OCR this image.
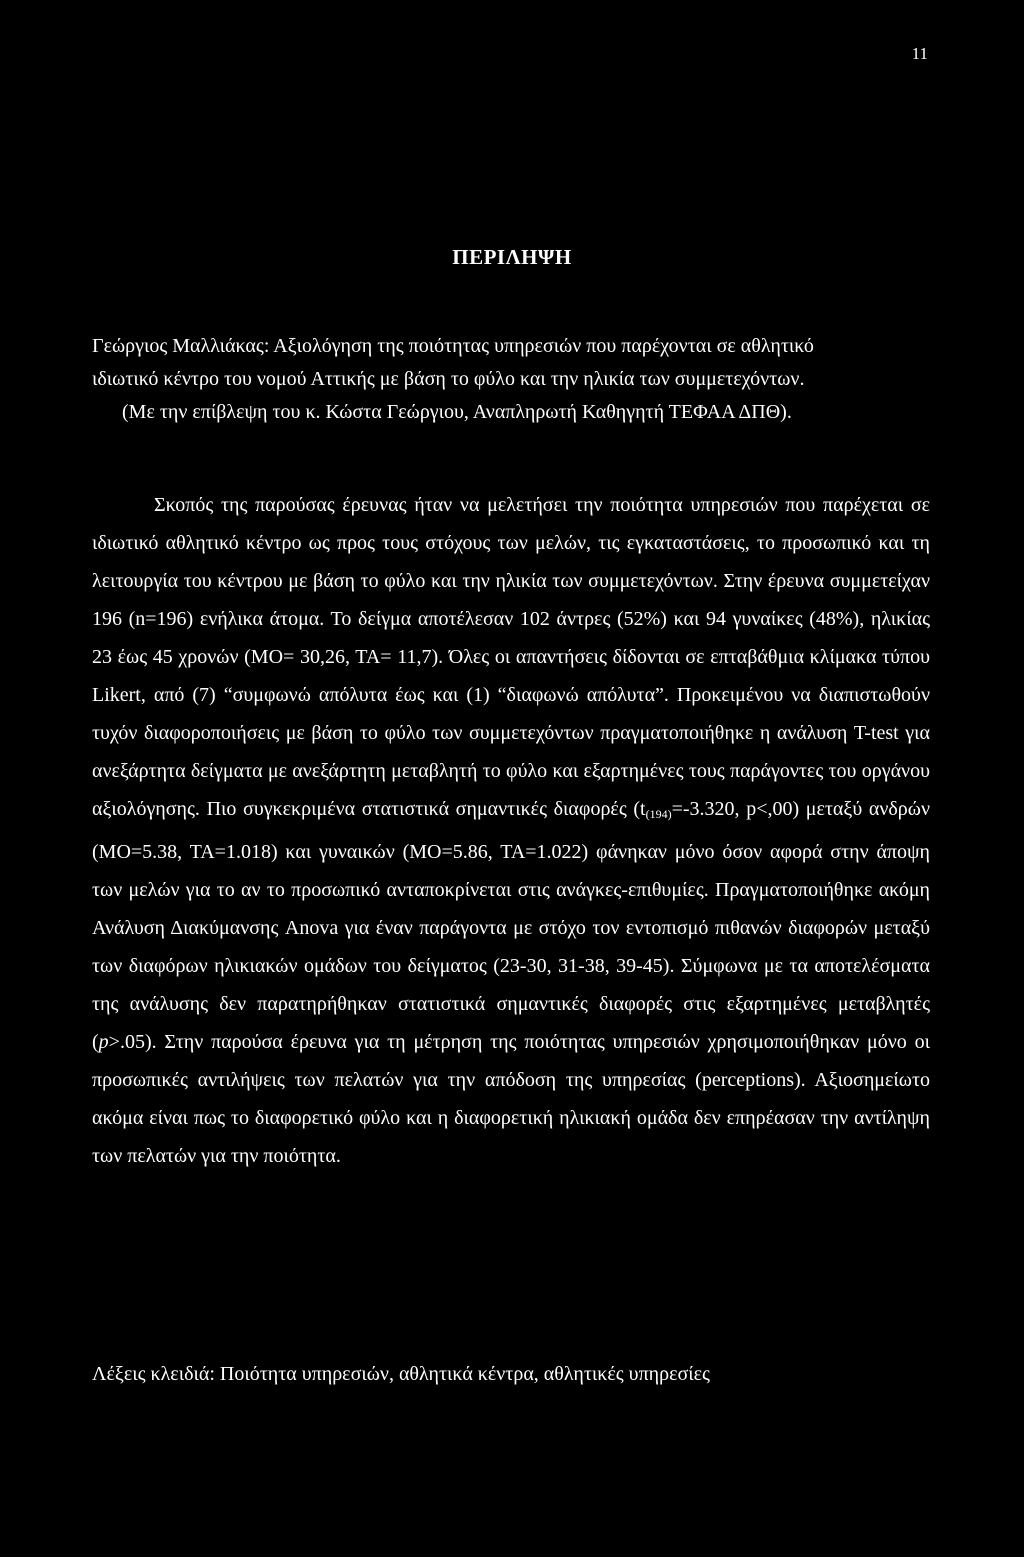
11
ΠΕΡΙΛΗΨΗ
Γεώργιος Μαλλιάκας: Αξιολόγηση της ποιότητας υπηρεσιών που παρέχονται σε αθλητικό
ιδιωτικό κέντρο του νομού Αττικής με βάση το φύλο και την ηλικία των συμμετεχόντων.
(Με την επίβλεψη του κ. Κώστα Γεώργιου, Αναπληρωτή Καθηγητή ΤΕΦΑΑ ΔΠΘ).

Σκοπός της παρούσας έρευνας ήταν να μελετήσει την ποιότητα υπηρεσιών που παρέχεται σε ιδιωτικό αθλητικό κέντρο ως προς τους στόχους των μελών, τις εγκαταστάσεις, το προσωπικό και τη λειτουργία του κέντρου με βάση το φύλο και την ηλικία των συμμετεχόντων. Στην έρευνα συμμετείχαν 196 (n=196) ενήλικα άτομα. Το δείγμα αποτέλεσαν 102 άντρες (52%) και 94 γυναίκες (48%), ηλικίας 23 έως 45 χρονών (ΜΟ= 30,26, ΤΑ= 11,7). Όλες οι απαντήσεις δίδονται σε επταβάθμια κλίμακα τύπου Likert, από (7) “συμφωνώ απόλυτα έως και (1) “διαφωνώ απόλυτα”. Προκειμένου να διαπιστωθούν τυχόν διαφοροποιήσεις με βάση το φύλο των συμμετεχόντων πραγματοποιήθηκε η ανάλυση T-test για ανεξάρτητα δείγματα με ανεξάρτητη μεταβλητή το φύλο και εξαρτημένες τους παράγοντες του οργάνου αξιολόγησης. Πιο συγκεκριμένα στατιστικά σημαντικές διαφορές ($t_{(194)}=-3.320$, p<,00) μεταξύ ανδρών (ΜΟ=5.38, ΤΑ=1.018) και γυναικών (ΜΟ=5.86, ΤΑ=1.022) φάνηκαν μόνο όσον αφορά στην άποψη των μελών για το αν το προσωπικό ανταποκρίνεται στις ανάγκες-επιθυμίες. Πραγματοποιήθηκε ακόμη Ανάλυση Διακύμανσης Anova για έναν παράγοντα με στόχο τον εντοπισμό πιθανών διαφορών μεταξύ των διαφόρων ηλικιακών ομάδων του δείγματος (23-30, 31-38, 39-45). Σύμφωνα με τα αποτελέσματα της ανάλυσης δεν παρατηρήθηκαν στατιστικά σημαντικές διαφορές στις εξαρτημένες μεταβλητές (p>.05). Στην παρούσα έρευνα για τη μέτρηση της ποιότητας υπηρεσιών χρησιμοποιήθηκαν μόνο οι προσωπικές αντιλήψεις των πελατών για την απόδοση της υπηρεσίας (perceptions). Αξιοσημείωτο ακόμα είναι πως το διαφορετικό φύλο και η διαφορετική ηλικιακή ομάδα δεν επηρέασαν την αντίληψη των πελατών για την ποιότητα.

Λέξεις κλειδιά: Ποιότητα υπηρεσιών, αθλητικά κέντρα, αθλητικές υπηρεσίες
